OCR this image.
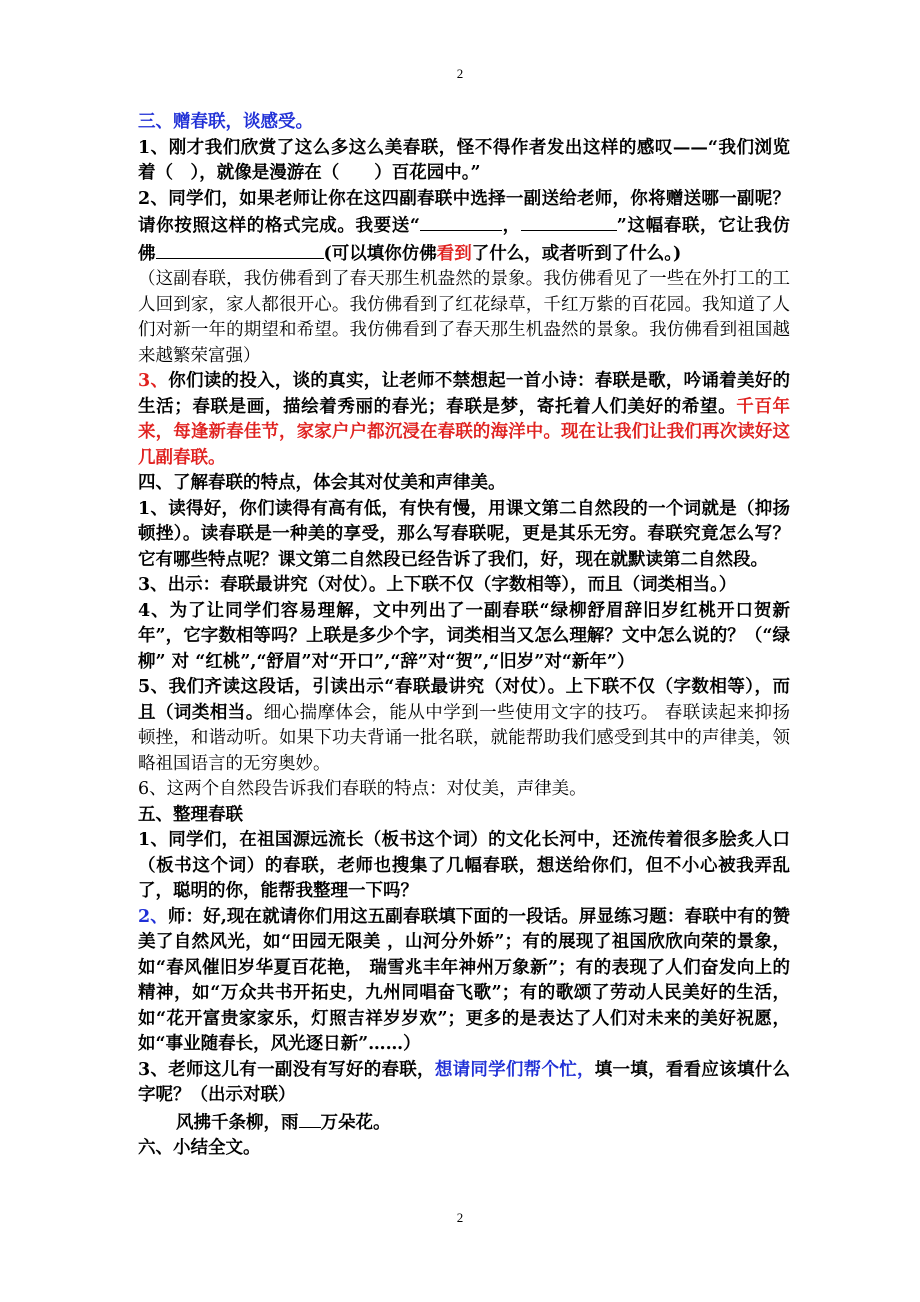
2

三、赠春联，谈感受。

1、刚才我们欣赏了这么多这么美春联，怪不得作者发出这样的感叹——“我们浏览着（　），就像是漫游在（　　）百花园中。”

2、同学们，如果老师让你在这四副春联中选择一副送给老师，你将赠送哪一副呢？请你按照这样的格式完成。我要送“	，	”这幅春联，它让我仿佛	(可以填你仿佛看到了什么，或者听到了什么。)

（这副春联，我仿佛看到了春天那生机盎然的景象。我仿佛看见了一些在外打工的工人回到家，家人都很开心。我仿佛看到了红花绿草，千红万紫的百花园。我知道了人们对新一年的期望和希望。我仿佛看到了春天那生机盎然的景象。我仿佛看到祖国越来越繁荣富强）

3、你们读的投入，谈的真实，让老师不禁想起一首小诗：春联是歌，吟诵着美好的生活；春联是画，描绘着秀丽的春光；春联是梦，寄托着人们美好的希望。千百年来，每逢新春佳节，家家户户都沉浸在春联的海洋中。现在让我们让我们再次读好这几副春联。

四、了解春联的特点，体会其对仗美和声律美。

1、读得好，你们读得有高有低，有快有慢，用课文第二自然段的一个词就是（抑扬顿挫）。读春联是一种美的享受，那么写春联呢，更是其乐无穷。春联究竟怎么写？它有哪些特点呢？课文第二自然段已经告诉了我们，好，现在就默读第二自然段。

3、出示：春联最讲究（对仗）。上下联不仅（字数相等），而且（词类相当。）

4、为了让同学们容易理解，文中列出了一副春联“绿柳舒眉辞旧岁红桃开口贺新年”，它字数相等吗？上联是多少个字，词类相当又怎么理解？文中怎么说的？（“绿柳” 对 “红桃”,“舒眉”对“开口”,“辞”对“贺”,“旧岁”对“新年”）

5、我们齐读这段话，引读出示“春联最讲究（对仗）。上下联不仅（字数相等），而且（词类相当。细心揣摩体会，能从中学到一些使用文字的技巧。 春联读起来抑扬顿挫，和谐动听。如果下功夫背诵一批名联，就能帮助我们感受到其中的声律美，领略祖国语言的无穷奥妙。

6、这两个自然段告诉我们春联的特点：对仗美，声律美。

五、整理春联

1、同学们，在祖国源远流长（板书这个词）的文化长河中，还流传着很多脍炙人口（板书这个词）的春联，老师也搜集了几幅春联，想送给你们，但不小心被我弄乱了，聪明的你，能帮我整理一下吗？

2、师：好,现在就请你们用这五副春联填下面的一段话。屏显练习题：春联中有的赞美了自然风光，如“田园无限美 ，山河分外娇”；有的展现了祖国欣欣向荣的景象，如“春风催旧岁华夏百花艳， 瑞雪兆丰年神州万象新”；有的表现了人们奋发向上的精神，如“万众共书开拓史，九州同唱奋飞歌”；有的歌颂了劳动人民美好的生活，如“花开富贵家家乐，灯照吉祥岁岁欢”；更多的是表达了人们对未来的美好祝愿，如“事业随春长，风光逐日新”……）

3、老师这儿有一副没有写好的春联，想请同学们帮个忙，填一填，看看应该填什么字呢？（出示对联）

风拂千条柳，雨 万朵花。

六、小结全文。

2
